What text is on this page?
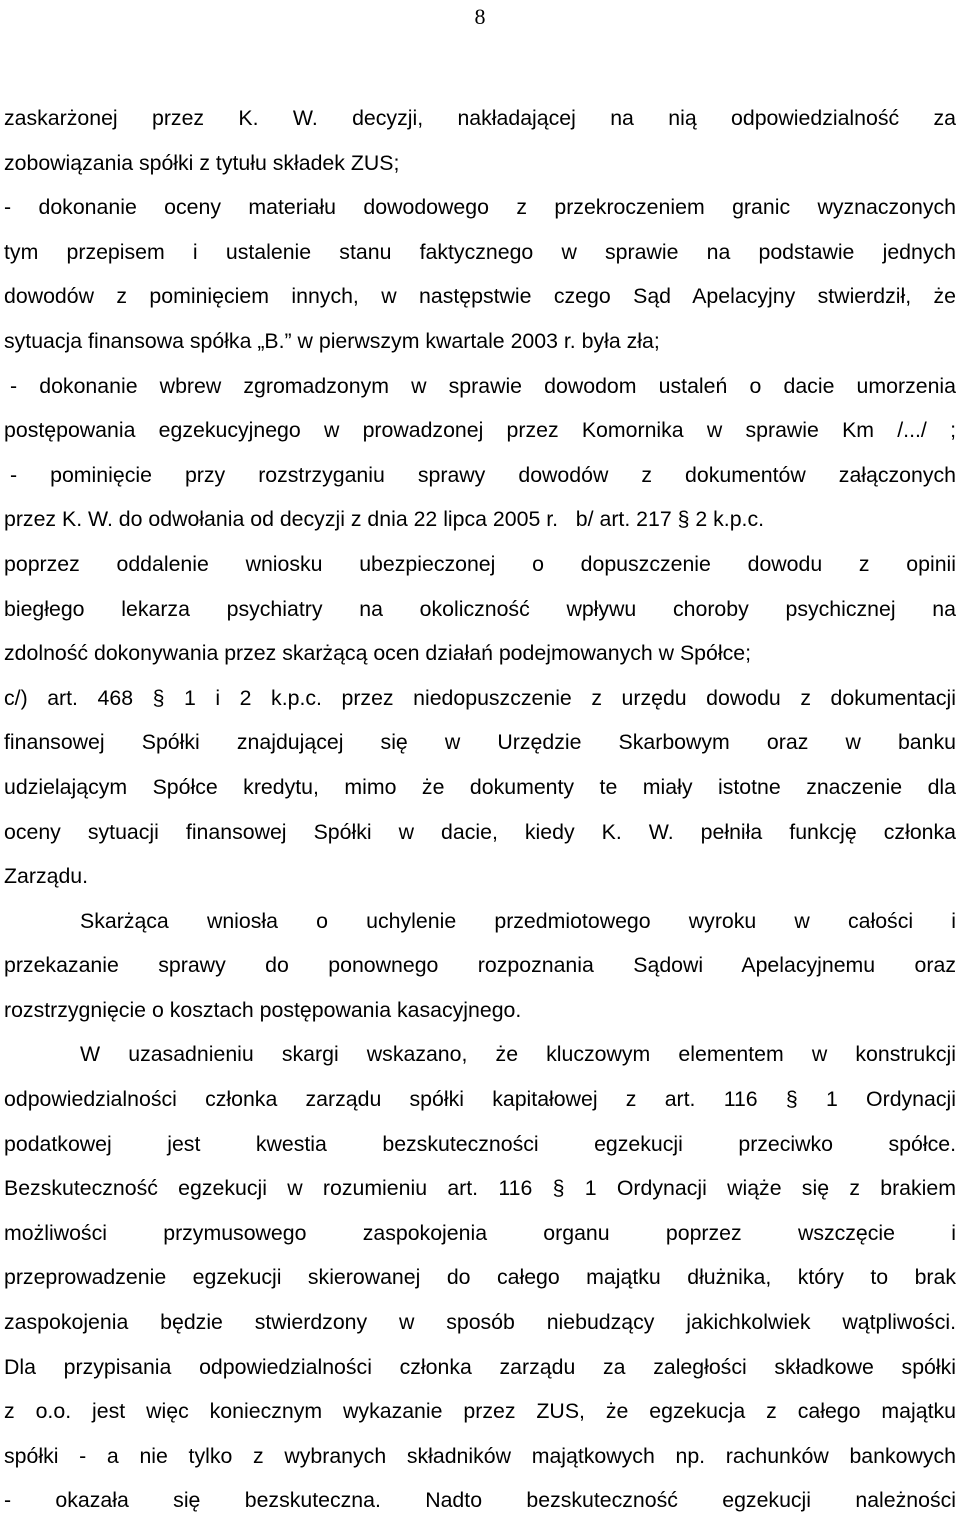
8
zaskarżonej przez K. W. decyzji, nakładającej na nią odpowiedzialność za
zobowiązania spółki z tytułu składek ZUS;
- dokonanie oceny materiału dowodowego z przekroczeniem granic wyznaczonych
tym przepisem i ustalenie stanu faktycznego w sprawie na podstawie jednych
dowodów z pominięciem innych, w następstwie czego Sąd Apelacyjny stwierdził, że
sytuacja finansowa spółka „B.” w pierwszym kwartale 2003 r. była zła;
- dokonanie wbrew zgromadzonym w sprawie dowodom ustaleń o dacie umorzenia
postępowania egzekucyjnego w prowadzonej przez Komornika w sprawie Km /.../ ;
- pominięcie przy rozstrzyganiu sprawy dowodów z dokumentów załączonych
przez K. W. do odwołania od decyzji z dnia 22 lipca 2005 r.   b/ art. 217 § 2 k.p.c.
poprzez oddalenie wniosku ubezpieczonej o dopuszczenie dowodu z opinii
biegłego lekarza psychiatry na okoliczność wpływu choroby psychicznej na
zdolność dokonywania przez skarżącą ocen działań podejmowanych w Spółce;
c/) art. 468 § 1 i 2 k.p.c. przez niedopuszczenie z urzędu dowodu z dokumentacji
finansowej Spółki znajdującej się w Urzędzie Skarbowym oraz w banku
udzielającym Spółce kredytu, mimo że dokumenty te miały istotne znaczenie dla
oceny sytuacji finansowej Spółki w dacie, kiedy K. W. pełniła funkcję członka
Zarządu.
Skarżąca wniosła o uchylenie przedmiotowego wyroku w całości i
przekazanie sprawy do ponownego rozpoznania Sądowi Apelacyjnemu oraz
rozstrzygnięcie o kosztach postępowania kasacyjnego.
W uzasadnieniu skargi wskazano, że kluczowym elementem w konstrukcji
odpowiedzialności członka zarządu spółki kapitałowej z art. 116 § 1 Ordynacji
podatkowej jest kwestia bezskuteczności egzekucji przeciwko spółce.
Bezskuteczność egzekucji w rozumieniu art. 116 § 1 Ordynacji wiąże się z brakiem
możliwości przymusowego zaspokojenia organu poprzez wszczęcie i
przeprowadzenie egzekucji skierowanej do całego majątku dłużnika, który to brak
zaspokojenia będzie stwierdzony w sposób niebudzący jakichkolwiek wątpliwości.
Dla przypisania odpowiedzialności członka zarządu za zaległości składkowe spółki
z o.o. jest więc koniecznym wykazanie przez ZUS, że egzekucja z całego majątku
spółki - a nie tylko z wybranych składników majątkowych np. rachunków bankowych
- okazała się bezskuteczna. Nadto bezskuteczność egzekucji należności
